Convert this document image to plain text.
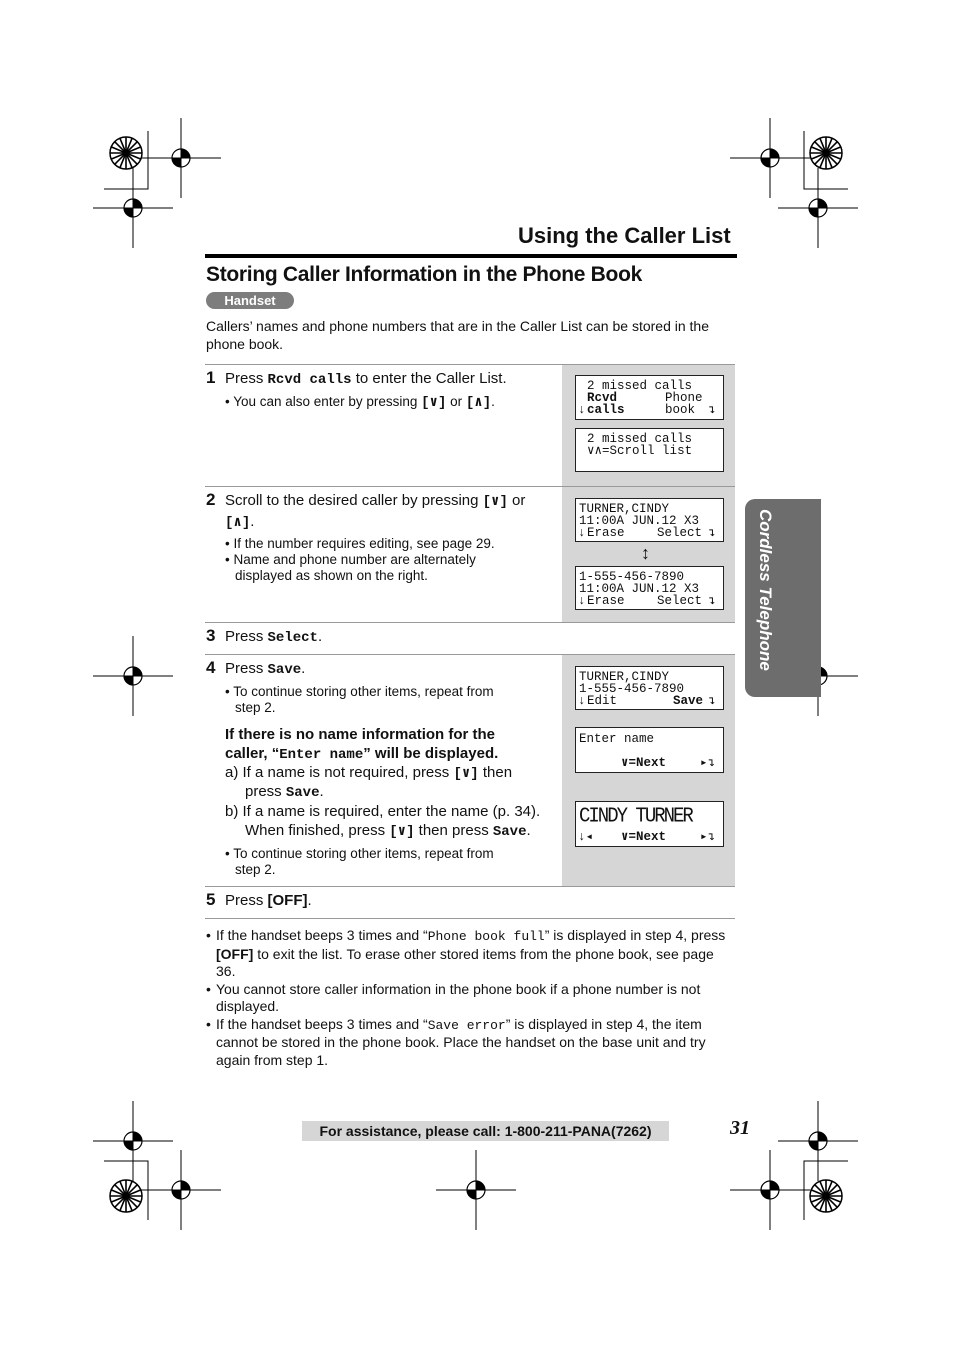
Using the Caller List
Storing Caller Information in the Phone Book
Handset
Callers’ names and phone numbers that are in the Caller List can be stored in the phone book.
1 Press Rcvd calls to enter the Caller List.
• You can also enter by pressing [∨] or [∧].
2 missed calls
Rcvd	Phone
↓ calls	book ↴
2 missed calls
∨∧=Scroll list
2 Scroll to the desired caller by pressing [∨] or
[∧].
• If the number requires editing, see page 29.
• Name and phone number are alternately
displayed as shown on the right.
TURNER,CINDY
11:00A JUN.12 X3
↓ Erase	Select ↴
↕
1-555-456-7890
11:00A JUN.12 X3
↓ Erase	Select ↴
3 Press Select.
4 Press Save.
• To continue storing other items, repeat from
step 2.
If there is no name information for the
caller, “Enter name” will be displayed.
a) If a name is not required, press [∨] then
press Save.
b) If a name is required, enter the name (p. 34).
When finished, press [∨] then press Save.
• To continue storing other items, repeat from
step 2.
TURNER,CINDY
1-555-456-7890
↓ Edit	Save ↴
Enter name
∨=Next	▸↴
CINDY TURNER
↓◂ ∨=Next	▸↴
5 Press [OFF].
Cordless Telephone
• If the handset beeps 3 times and “Phone book full” is displayed in step 4, press [OFF] to exit the list. To erase other stored items from the phone book, see page 36.
• You cannot store caller information in the phone book if a phone number is not displayed.
• If the handset beeps 3 times and “Save error” is displayed in step 4, the item cannot be stored in the phone book. Place the handset on the base unit and try again from step 1.
For assistance, please call: 1-800-211-PANA(7262)	31
